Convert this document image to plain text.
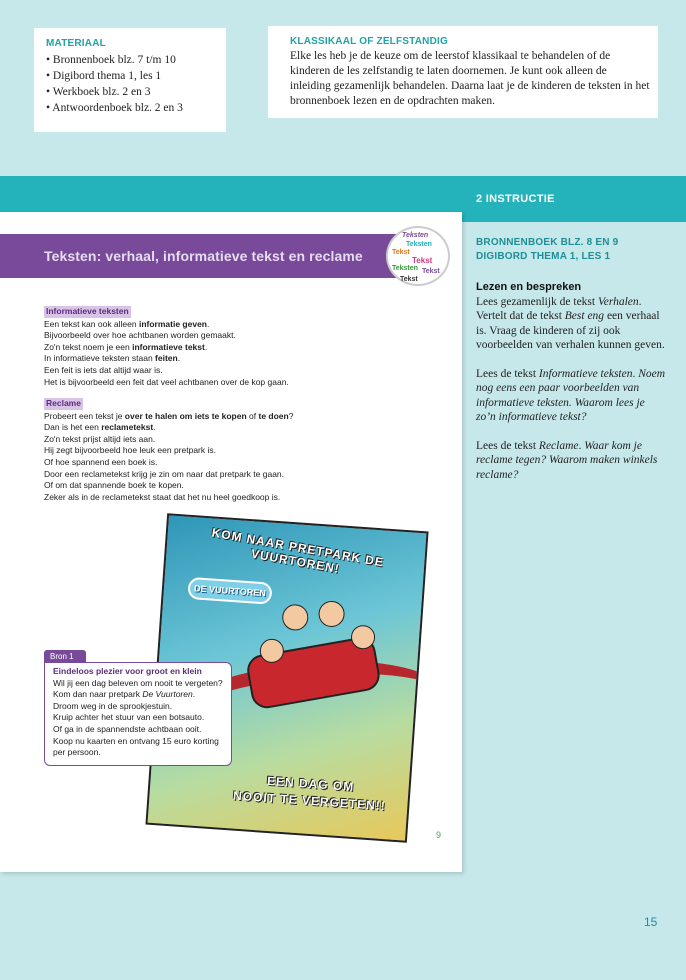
MATERIAAL
• Bronnenboek blz. 7 t/m 10
• Digibord thema 1, les 1
• Werkboek blz. 2 en 3
• Antwoordenboek blz. 2 en 3
KLASSIKAAL OF ZELFSTANDIG

Elke les heb je de keuze om de leerstof klassikaal te behandelen of de kinderen de les zelfstandig te laten doornemen. Je kunt ook alleen de inleiding gezamenlijk behandelen. Daarna laat je de kinderen de teksten in het bronnenboek lezen en de opdrachten maken.

2 INSTRUCTIE
BRONNENBOEK BLZ. 8 EN 9
DIGIBORD THEMA 1, LES 1
Lezen en bespreken
Lees gezamenlijk de tekst Verhalen. Vertelt dat de tekst Best eng een verhaal is. Vraag de kinderen of zij ook voorbeelden van verhalen kunnen geven.
Lees de tekst Informatieve teksten. Noem nog eens een paar voorbeelden van informatieve teksten. Waarom lees je zo’n informatieve tekst?
Lees de tekst Reclame. Waar kom je reclame tegen? Waarom maken winkels reclame?
Teksten: verhaal, informatieve tekst en reclame
Teksten
Teksten
Tekst
Tekst
Teksten Tekst
Tekst
Informatieve teksten
Een tekst kan ook alleen informatie geven.
Bijvoorbeeld over hoe achtbanen worden gemaakt.
Zo'n tekst noem je een informatieve tekst.
In informatieve teksten staan feiten.
Een feit is iets dat altijd waar is.
Het is bijvoorbeeld een feit dat veel achtbanen over de kop gaan.
Reclame
Probeert een tekst je over te halen om iets te kopen of te doen?
Dan is het een reclametekst.
Zo'n tekst prijst altijd iets aan.
Hij zegt bijvoorbeeld hoe leuk een pretpark is.
Of hoe spannend een boek is.
Door een reclametekst krijg je zin om naar dat pretpark te gaan.
Of om dat spannende boek te kopen.
Zeker als in de reclametekst staat dat het nu heel goedkoop is.
KOM NAAR PRETPARK DE VUURTOREN!
DE VUURTOREN
EEN DAG OM
NOOIT TE VERGETEN!!
Bron 1
Eindeloos plezier voor groot en klein
Wil jij een dag beleven om nooit te vergeten?
Kom dan naar pretpark De Vuurtoren.
Droom weg in de sprookjestuin.
Kruip achter het stuur van een botsauto.
Of ga in de spannendste achtbaan ooit.
Koop nu kaarten en ontvang 15 euro korting
per persoon.
9
15
